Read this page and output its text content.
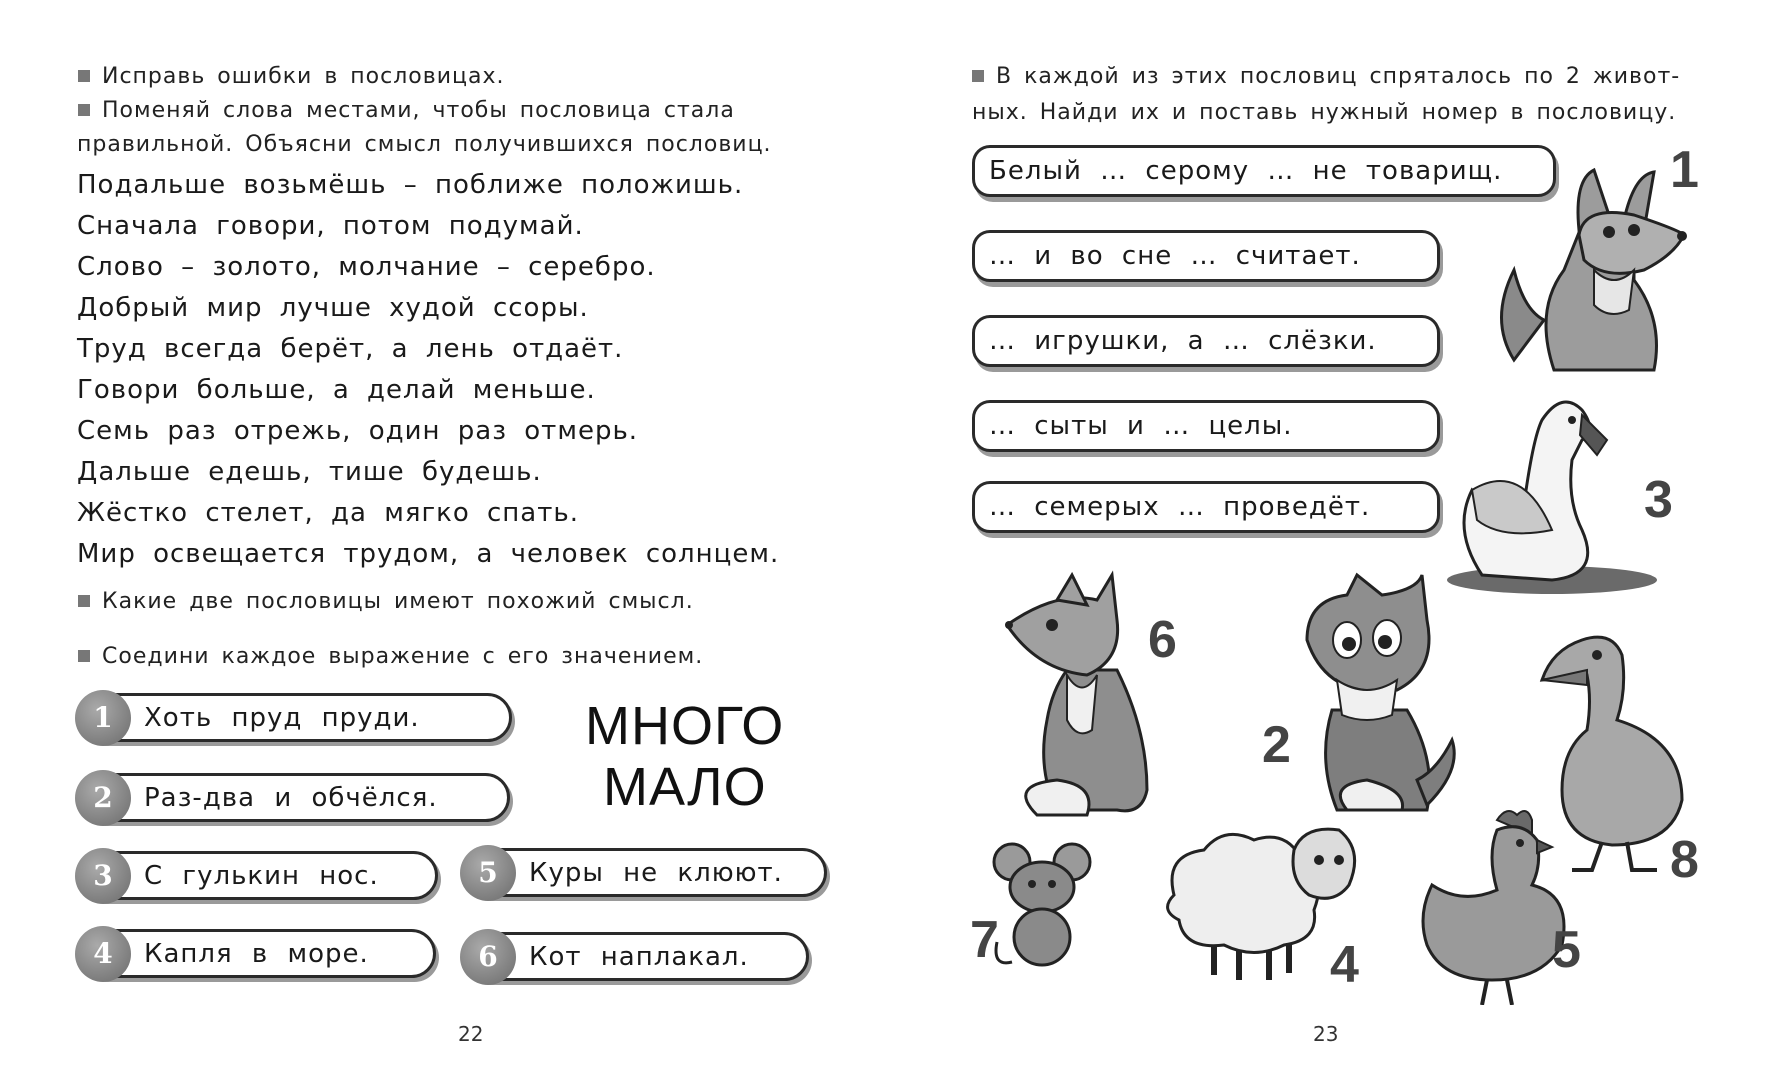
Исправь ошибки в пословицах.
Поменяй слова местами, чтобы пословица стала
правильной. Объясни смысл получившихся пословиц.
Подальше возьмёшь – поближе положишь.
Сначала говори, потом подумай.
Слово – золото, молчание – серебро.
Добрый мир лучше худой ссоры.
Труд всегда берёт, а лень отдаёт.
Говори больше, а делай меньше.
Семь раз отрежь, один раз отмерь.
Дальше едешь, тише будешь.
Жёстко стелет, да мягко спать.
Мир освещается трудом, а человек солнцем.
Какие две пословицы имеют похожий смысл.
Соедини каждое выражение с его значением.
1	Хоть пруд пруди.
2	Раз-два и обчёлся.
3	С гулькин нос.
4	Капля в море.
5	Куры не клюют.
6	Кот наплакал.
МНОГО
МАЛО
22
В каждой из этих пословиц спряталось по 2 живот-
ных. Найди их и поставь нужный номер в пословицу.
Белый … серому … не товарищ.
… и во сне … считает.
… игрушки, а … слёзки.
… сыты и … целы.
… семерых … проведёт.
1
3
6
2
8
7	4	5
23
